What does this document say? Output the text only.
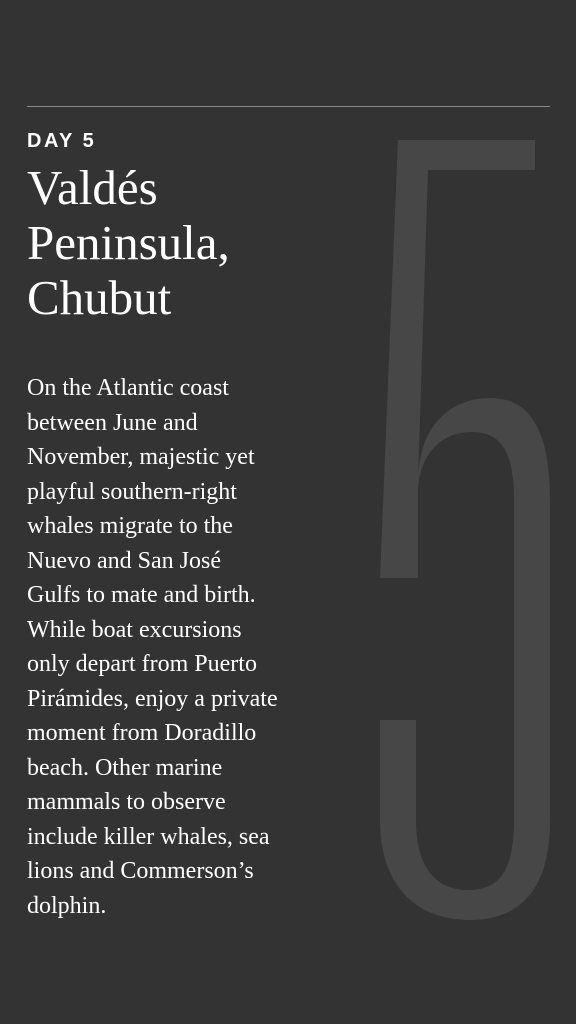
DAY 5
Valdés
Peninsula,
Chubut

On the Atlantic coast
between June and
November, majestic yet
playful southern-right
whales migrate to the
Nuevo and San José
Gulfs to mate and birth.
While boat excursions
only depart from Puerto
Pirámides, enjoy a private
moment from Doradillo
beach. Other marine
mammals to observe
include killer whales, sea
lions and Commerson’s
dolphin.
